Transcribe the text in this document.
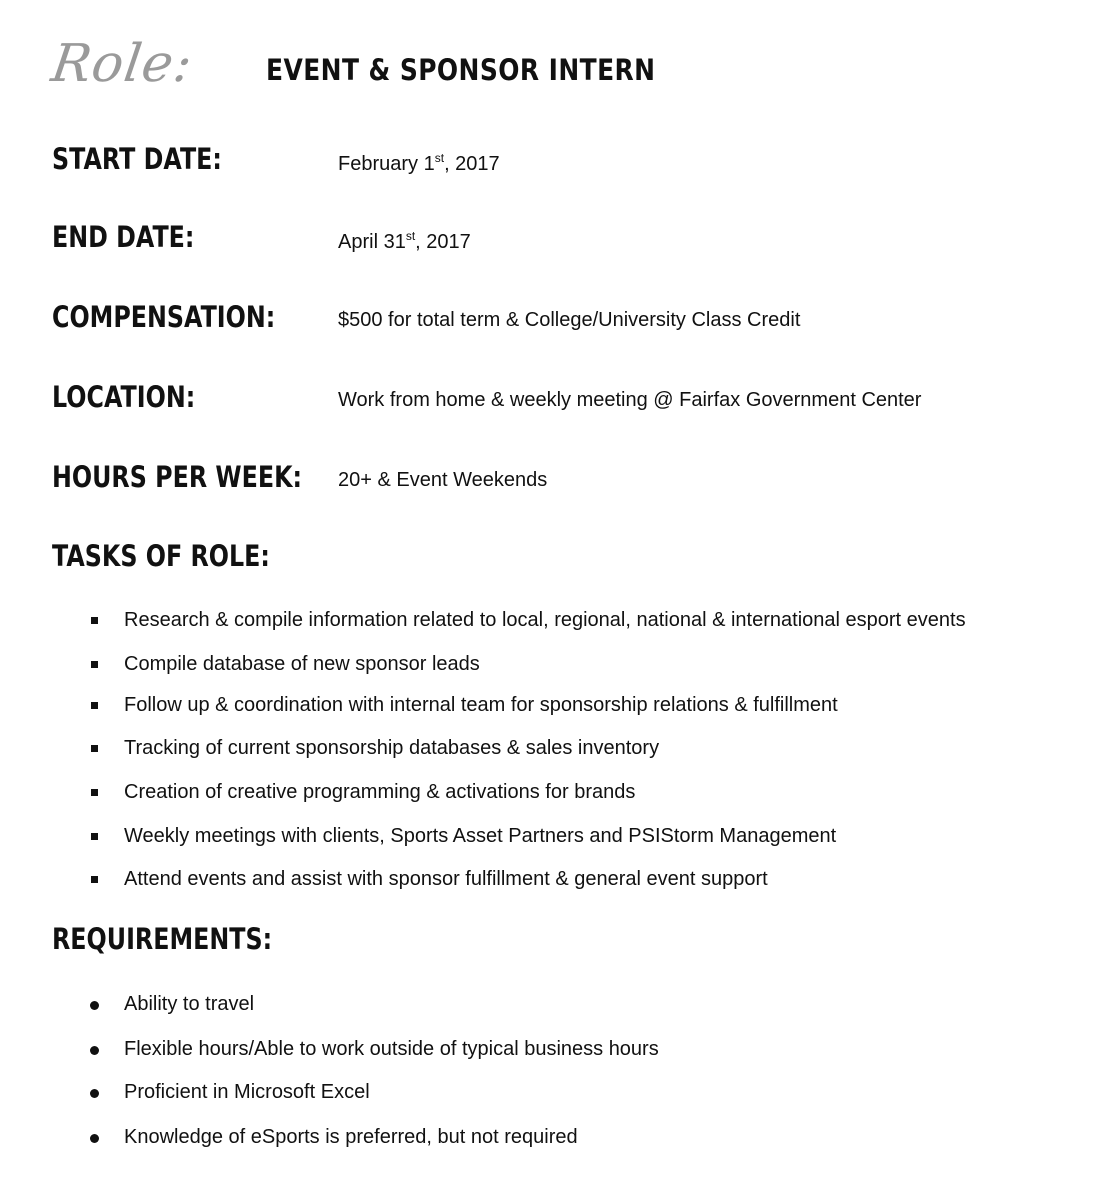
Role: EVENT & SPONSOR INTERN
START DATE:	February 1st, 2017
END DATE:	April 31st, 2017
COMPENSATION:	$500 for total term & College/University Class Credit
LOCATION:	Work from home & weekly meeting @ Fairfax Government Center
HOURS PER WEEK: 20+ & Event Weekends
TASKS OF ROLE:
Research & compile information related to local, regional, national & international esport events
Compile database of new sponsor leads
Follow up & coordination with internal team for sponsorship relations & fulfillment
Tracking of current sponsorship databases & sales inventory
Creation of creative programming & activations for brands
Weekly meetings with clients, Sports Asset Partners and PSIStorm Management
Attend events and assist with sponsor fulfillment & general event support
REQUIREMENTS:
Ability to travel
Flexible hours/Able to work outside of typical business hours
Proficient in Microsoft Excel
Knowledge of eSports is preferred, but not required
